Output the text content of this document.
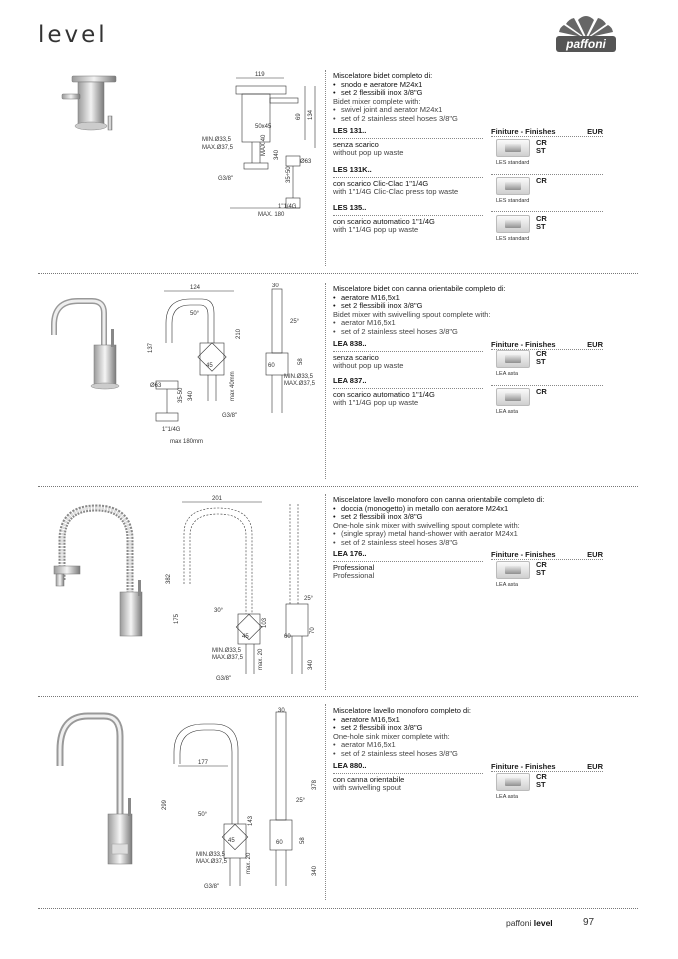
level	paffoni
119
50x45
69 134
MIN.Ø33,5
MAX.Ø37,5	MAX.40 340
35÷50
Ø63
G3/8"
1"1/4G
MAX. 180
Miscelatore bidet completo di:
• snodo e aeratore M24x1
• set 2 flessibili inox 3/8"G
Bidet mixer complete with:
• swivel joint and aerator M24x1
• set of 2 stainless steel hoses 3/8"G
Finiture - Finishes	EUR
LES 131..
senza scarico
without pop up waste
CR
ST
LES standard
LES 131K..
con scarico Clic-Clac 1"1/4G
with 1"1/4G Clic-Clac press top waste
CR
LES standard
LES 135..
con scarico automatico 1"1/4G
with 1"1/4G pop up waste
CR
ST
LES standard
124	30
50°
25°
137
210
45	60
58
Ø63
35-50 340	max 40mm	MIN.Ø33,5
MAX.Ø37,5
G3/8"
1"1/4G
max 180mm
Miscelatore bidet con canna orientabile completo di:
• aeratore M16,5x1
• set 2 flessibili inox 3/8"G
Bidet mixer with swivelling spout complete with:
• aerator M16,5x1
• set of 2 stainless steel hoses 3/8"G
Finiture - Finishes	EUR
LEA 838..
senza scarico
without pop up waste
CR
ST
LEA asta
LEA 837..
con scarico automatico 1"1/4G
with 1"1/4G pop up waste
CR
LEA asta
201
382
175
30°
25°
103
45	60
70
MIN.Ø33,5
MAX.Ø37,5 max. 20	340
G3/8"
Miscelatore lavello monoforo con canna orientabile completo di:
• doccia (monogetto) in metallo con aeratore M24x1
• set 2 flessibili inox 3/8"G
One-hole sink mixer with swivelling spout complete with:
• (single spray) metal hand-shower with aerator M24x1
• set of 2 stainless steel hoses 3/8"G
Finiture - Finishes	EUR
LEA 176..
Professional
Professional
CR
ST
LEA asta
177
30
299
378
50°
25°
143
45	60	58
MIN.Ø33,5
MAX.Ø37,5	max. 20	340
G3/8"
Miscelatore lavello monoforo completo di:
• aeratore M16,5x1
• set 2 flessibili inox 3/8"G
One-hole sink mixer complete with:
• aerator M16,5x1
• set of 2 stainless steel hoses 3/8"G
Finiture - Finishes	EUR
LEA 880..
con canna orientabile
with swivelling spout
CR
ST
LEA asta
paffoni level	97
